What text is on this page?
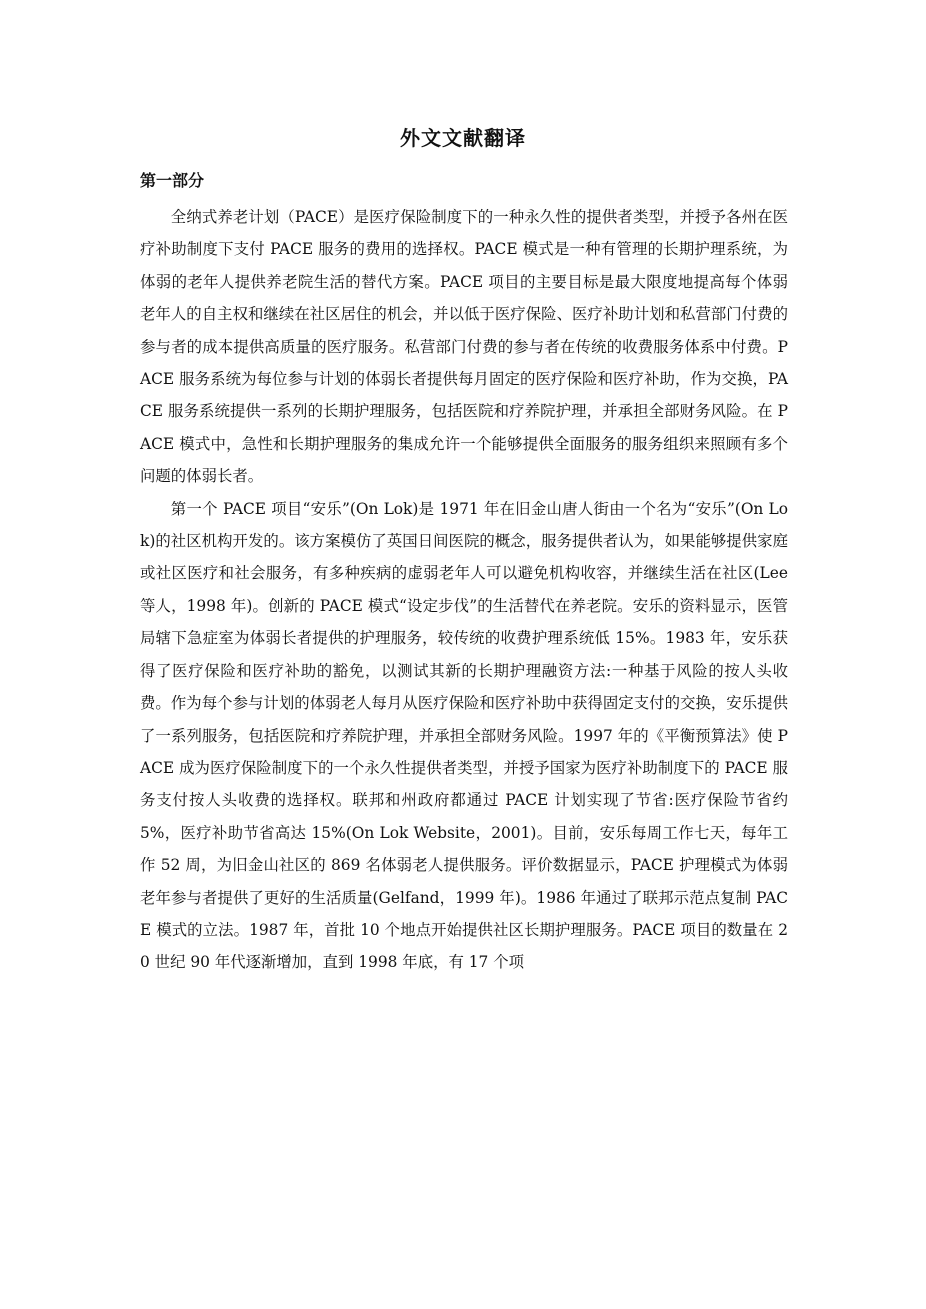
外文文献翻译
第一部分

全纳式养老计划（PACE）是医疗保险制度下的一种永久性的提供者类型，并授予各州在医疗补助制度下支付 PACE 服务的费用的选择权。PACE 模式是一种有管理的长期护理系统，为体弱的老年人提供养老院生活的替代方案。PACE 项目的主要目标是最大限度地提高每个体弱老年人的自主权和继续在社区居住的机会，并以低于医疗保险、医疗补助计划和私营部门付费的参与者的成本提供高质量的医疗服务。私营部门付费的参与者在传统的收费服务体系中付费。PACE 服务系统为每位参与计划的体弱长者提供每月固定的医疗保险和医疗补助，作为交换，PACE 服务系统提供一系列的长期护理服务，包括医院和疗养院护理，并承担全部财务风险。在 PACE 模式中，急性和长期护理服务的集成允许一个能够提供全面服务的服务组织来照顾有多个问题的体弱长者。

第一个 PACE 项目“安乐”(On Lok)是 1971 年在旧金山唐人街由一个名为“安乐”(On Lok)的社区机构开发的。该方案模仿了英国日间医院的概念，服务提供者认为，如果能够提供家庭或社区医疗和社会服务，有多种疾病的虚弱老年人可以避免机构收容，并继续生活在社区(Lee 等人，1998 年)。创新的 PACE 模式“设定步伐”的生活替代在养老院。安乐的资料显示，医管局辖下急症室为体弱长者提供的护理服务，较传统的收费护理系统低 15%。1983 年，安乐获得了医疗保险和医疗补助的豁免，以测试其新的长期护理融资方法:一种基于风险的按人头收费。作为每个参与计划的体弱老人每月从医疗保险和医疗补助中获得固定支付的交换，安乐提供了一系列服务，包括医院和疗养院护理，并承担全部财务风险。1997 年的《平衡预算法》使 PACE 成为医疗保险制度下的一个永久性提供者类型，并授予国家为医疗补助制度下的 PACE 服务支付按人头收费的选择权。联邦和州政府都通过 PACE 计划实现了节省:医疗保险节省约 5%，医疗补助节省高达 15%(On Lok Website，2001)。目前，安乐每周工作七天，每年工作 52 周，为旧金山社区的 869 名体弱老人提供服务。评价数据显示，PACE 护理模式为体弱老年参与者提供了更好的生活质量(Gelfand，1999 年)。1986 年通过了联邦示范点复制 PACE 模式的立法。1987 年，首批 10 个地点开始提供社区长期护理服务。PACE 项目的数量在 20 世纪 90 年代逐渐增加，直到 1998 年底，有 17 个项
